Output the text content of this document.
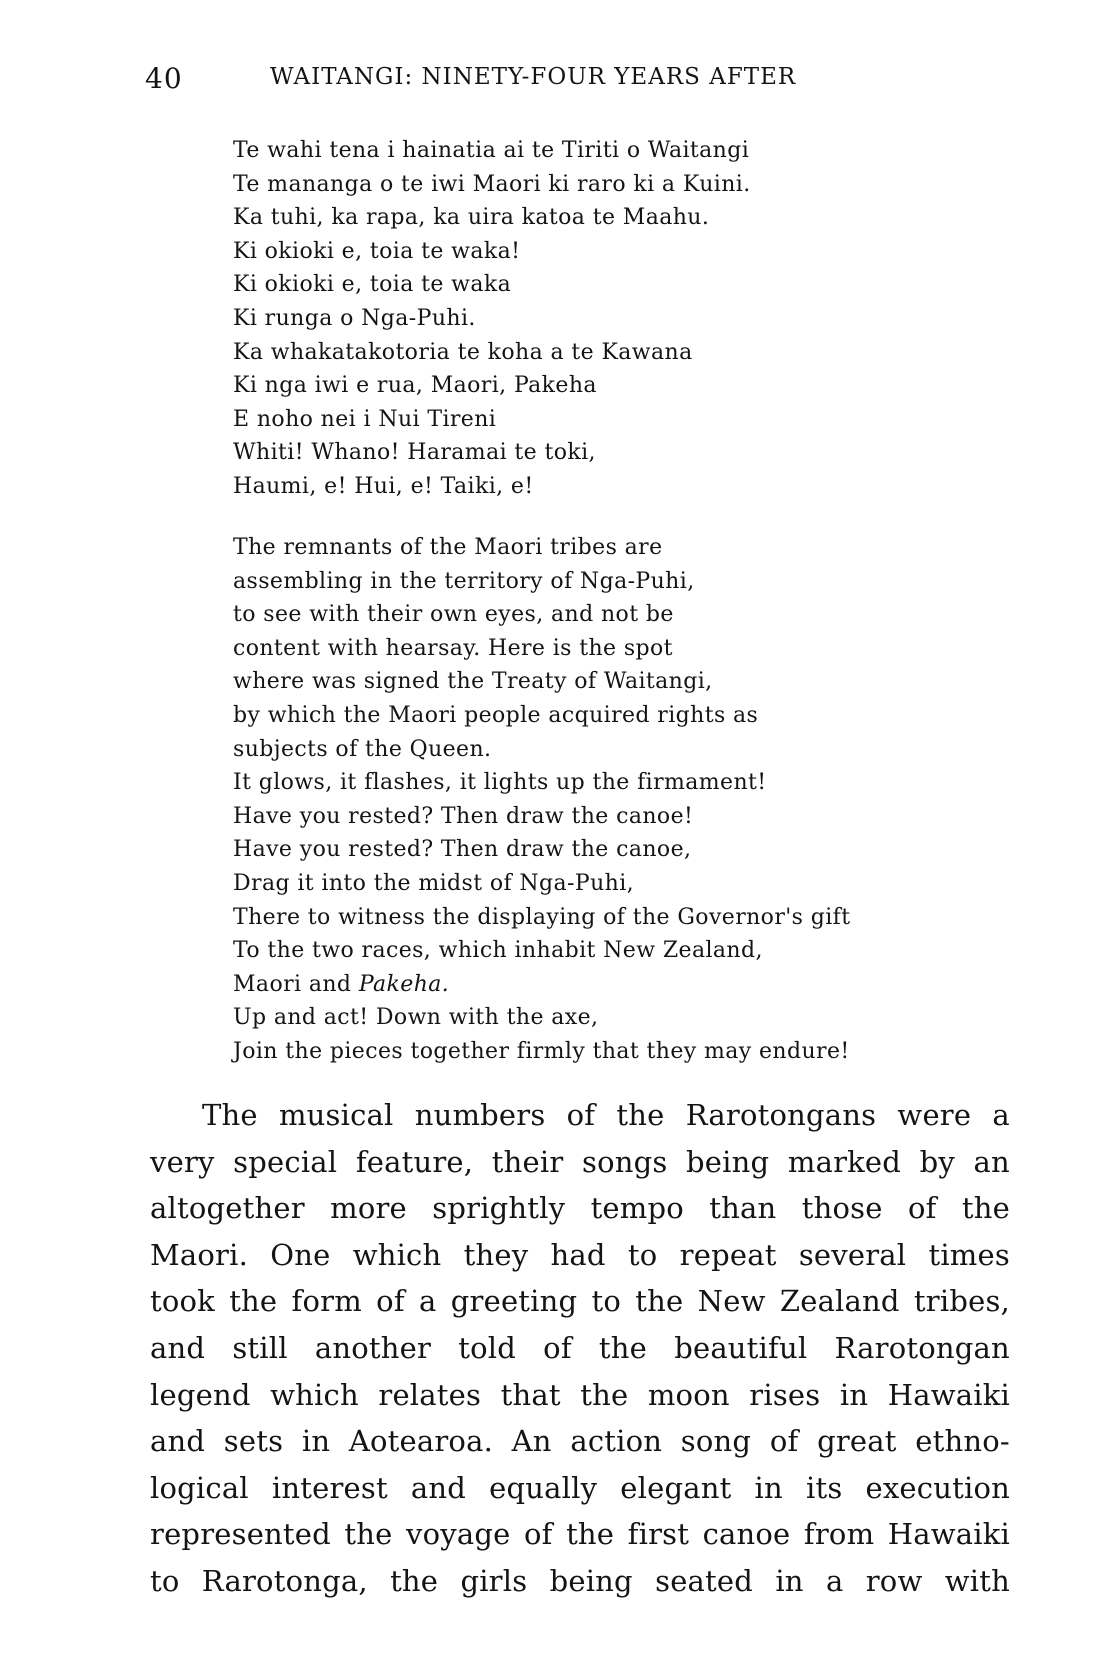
40	WAITANGI: NINETY-FOUR YEARS AFTER
Te wahi tena i hainatia ai te Tiriti o Waitangi
Te mananga o te iwi Maori ki raro ki a Kuini.
Ka tuhi, ka rapa, ka uira katoa te Maahu.
Ki okioki e, toia te waka!
Ki okioki e, toia te waka
Ki runga o Nga-Puhi.
Ka whakatakotoria te koha a te Kawana
Ki nga iwi e rua, Maori, Pakeha
E noho nei i Nui Tireni
Whiti! Whano! Haramai te toki,
Haumi, e! Hui, e! Taiki, e!
The remnants of the Maori tribes are
assembling in the territory of Nga-Puhi,
to see with their own eyes, and not be
content with hearsay. Here is the spot
where was signed the Treaty of Waitangi,
by which the Maori people acquired rights as
subjects of the Queen.
It glows, it flashes, it lights up the firmament!
Have you rested? Then draw the canoe!
Have you rested? Then draw the canoe,
Drag it into the midst of Nga-Puhi,
There to witness the displaying of the Governor's gift
To the two races, which inhabit New Zealand,
Maori and Pakeha.
Up and act! Down with the axe,
Join the pieces together firmly that they may endure!
The musical numbers of the Rarotongans were a
very special feature, their songs being marked by an
altogether more sprightly tempo than those of the
Maori. One which they had to repeat several times
took the form of a greeting to the New Zealand tribes,
and still another told of the beautiful Rarotongan
legend which relates that the moon rises in Hawaiki
and sets in Aotearoa. An action song of great ethno-
logical interest and equally elegant in its execution
represented the voyage of the first canoe from Hawaiki
to Rarotonga, the girls being seated in a row with
